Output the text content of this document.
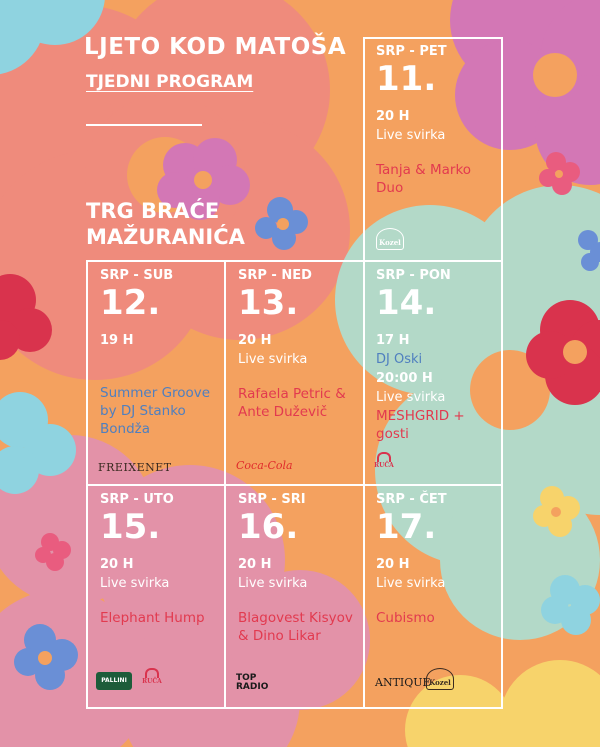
LJETO KOD MATOŠA
TJEDNI PROGRAM
TRG BRAĆE MAŽURANIĆA
SRP - PET
11.
20 H
Live svirka
Tanja & Marko Duo
Kozel
SRP - SUB
12.
19 H
Summer Groove by DJ Stanko Bondža
FREIXENET
SRP - NED
13.
20 H
Live svirka
Rafaela Petric & Ante Duževič
Coca-Cola
SRP - PON
14.
17 H
DJ Oski
20:00 H
Live svirka
MESHGRID + gosti
RUČA
SRP - UTO
15.
20 H
Live svirka
Elephant Hump
PALLINI	RUČA
SRP - SRI
16.
20 H
Live svirka
Blagovest Kisyov & Dino Likar
TOP RADIO
SRP - ČET
17.
20 H
Live svirka
Cubismo
ANTIQUE
Kozel
